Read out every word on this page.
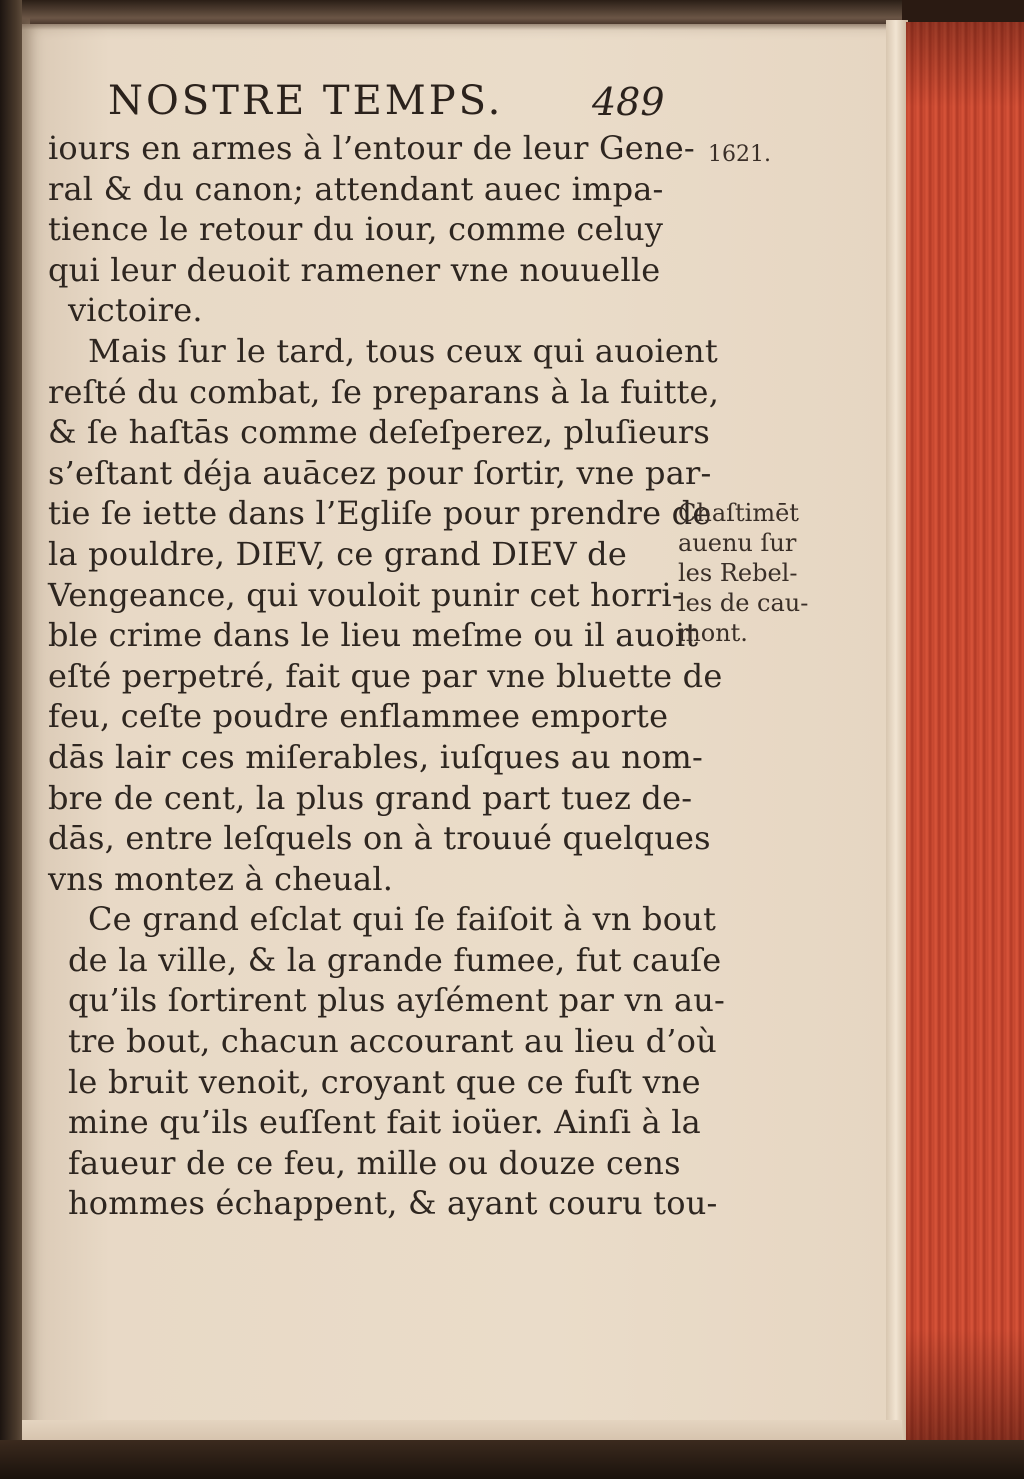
NOSTRE TEMPS. 489
1621.
iours en armes à l’entour de leur Gene-
ral & du canon; attendant auec impa-
tience le retour du iour, comme celuy
qui leur deuoit ramener vne nouuelle
victoire.
Mais ſur le tard, tous ceux qui auoient
reſté du combat, ſe preparans à la fuitte,
& ſe haſtās comme deſeſperez, pluſieurs
s’eſtant déja auācez pour ſortir, vne par-
tie ſe iette dans l’Egliſe pour prendre de
la pouldre, DIEV, ce grand DIEV de
Vengeance, qui vouloit punir cet horri-
ble crime dans le lieu meſme ou il auoit
eſté perpetré, fait que par vne bluette de
feu, ceſte poudre enflammee emporte
dās lair ces miſerables, iuſques au nom-
bre de cent, la plus grand part tuez de-
dās, entre leſquels on à trouué quelques
vns montez à cheual.
Ce grand eſclat qui ſe faiſoit à vn bout
de la ville, & la grande fumee, fut cauſe
qu’ils ſortirent plus ayſément par vn au-
tre bout, chacun accourant au lieu d’où
le bruit venoit, croyant que ce fuſt vne
mine qu’ils euſſent fait ioüer. Ainſi à la
faueur de ce feu, mille ou douze cens
hommes échappent, & ayant couru tou-
Chaſtimēt
auenu ſur
les Rebel-
les de cau-
mont.
